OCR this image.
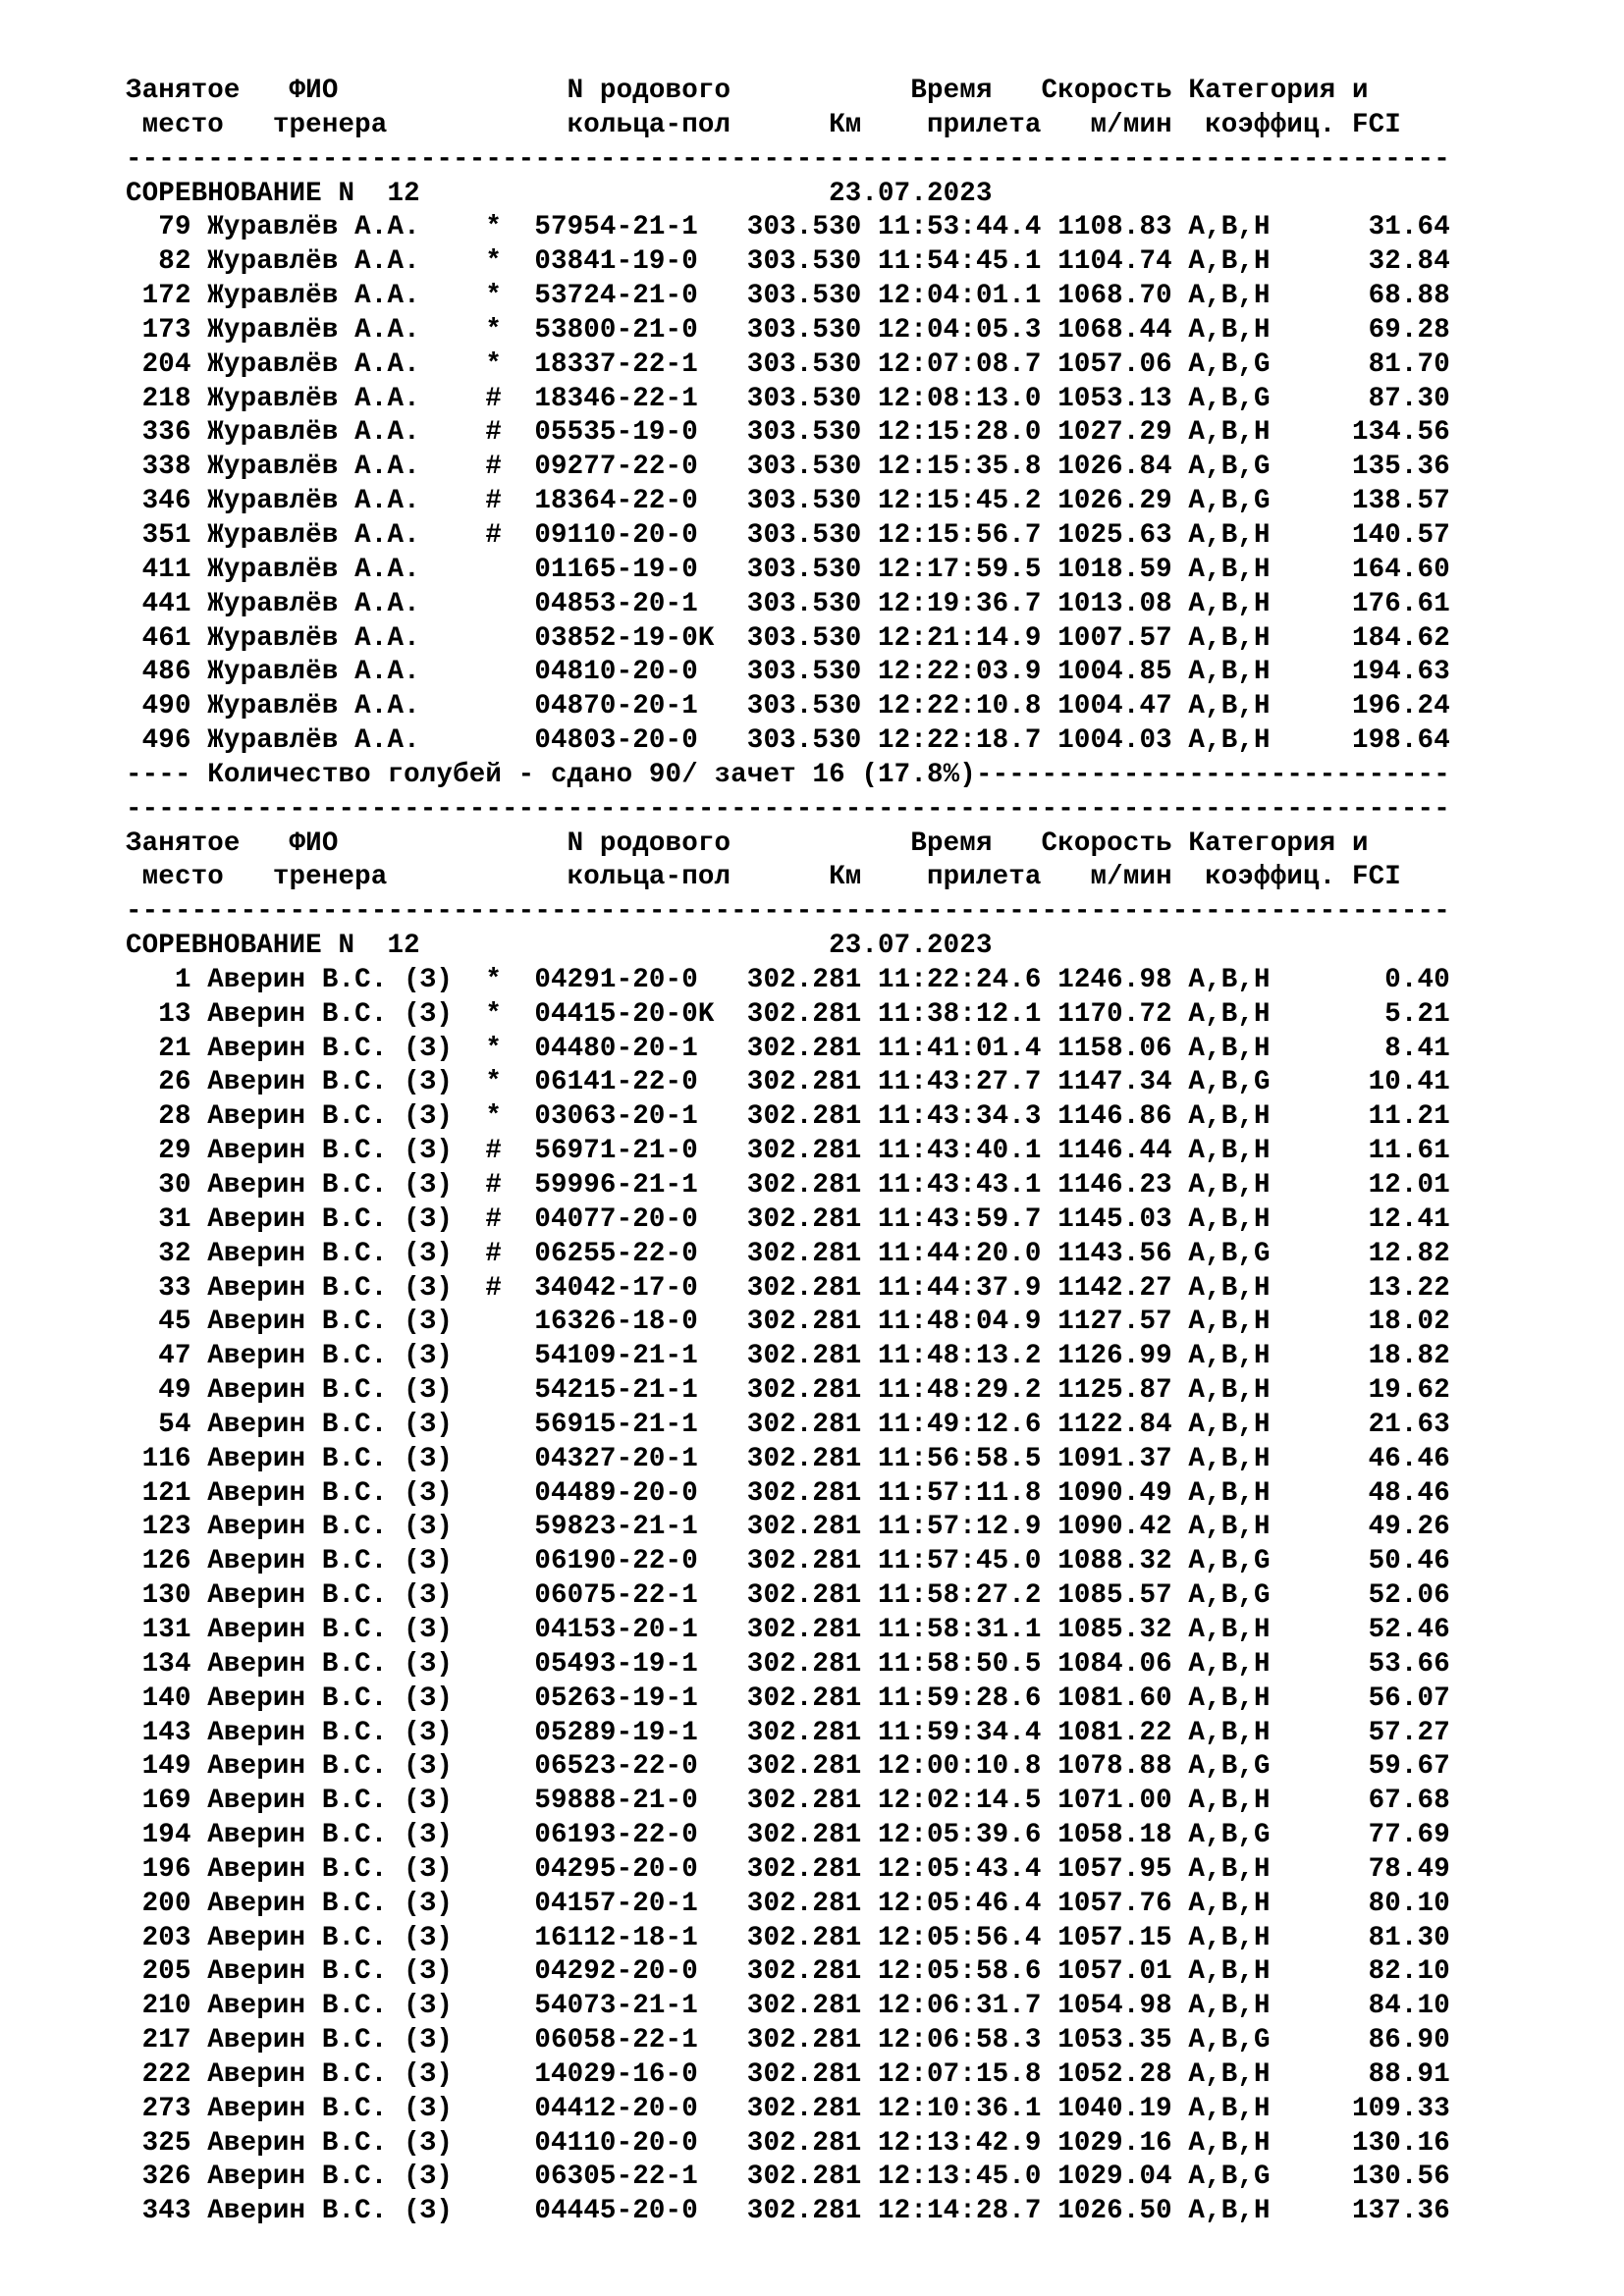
Занятое   ФИО              N родового           Время   Скорость Категория и
место   тренера           кольца-пол      Км    прилета   м/мин  коэффиц. FCI
---------------------------------------------------------------------------------
СОРЕВНОВАНИЕ N  12                         23.07.2023
79 Журавлёв А.А.    *  57954-21-1   303.530 11:53:44.4 1108.83 A,B,H      31.64
82 Журавлёв А.А.    *  03841-19-0   303.530 11:54:45.1 1104.74 A,B,H      32.84
172 Журавлёв А.А.    *  53724-21-0   303.530 12:04:01.1 1068.70 A,B,H      68.88
173 Журавлёв А.А.    *  53800-21-0   303.530 12:04:05.3 1068.44 A,B,H      69.28
204 Журавлёв А.А.    *  18337-22-1   303.530 12:07:08.7 1057.06 A,B,G      81.70
218 Журавлёв А.А.    #  18346-22-1   303.530 12:08:13.0 1053.13 A,B,G      87.30
336 Журавлёв А.А.    #  05535-19-0   303.530 12:15:28.0 1027.29 A,B,H     134.56
338 Журавлёв А.А.    #  09277-22-0   303.530 12:15:35.8 1026.84 A,B,G     135.36
346 Журавлёв А.А.    #  18364-22-0   303.530 12:15:45.2 1026.29 A,B,G     138.57
351 Журавлёв А.А.    #  09110-20-0   303.530 12:15:56.7 1025.63 A,B,H     140.57
411 Журавлёв А.А.       01165-19-0   303.530 12:17:59.5 1018.59 A,B,H     164.60
441 Журавлёв А.А.       04853-20-1   303.530 12:19:36.7 1013.08 A,B,H     176.61
461 Журавлёв А.А.       03852-19-0K  303.530 12:21:14.9 1007.57 A,B,H     184.62
486 Журавлёв А.А.       04810-20-0   303.530 12:22:03.9 1004.85 A,B,H     194.63
490 Журавлёв А.А.       04870-20-1   303.530 12:22:10.8 1004.47 A,B,H     196.24
496 Журавлёв А.А.       04803-20-0   303.530 12:22:18.7 1004.03 A,B,H     198.64
---- Количество голубей - сдано 90/ зачет 16 (17.8%)-----------------------------
---------------------------------------------------------------------------------
Занятое   ФИО              N родового           Время   Скорость Категория и
место   тренера           кольца-пол      Км    прилета   м/мин  коэффиц. FCI
---------------------------------------------------------------------------------
СОРЕВНОВАНИЕ N  12                         23.07.2023
1 Аверин В.С. (З)  *  04291-20-0   302.281 11:22:24.6 1246.98 A,B,H       0.40
13 Аверин В.С. (З)  *  04415-20-0K  302.281 11:38:12.1 1170.72 A,B,H       5.21
21 Аверин В.С. (З)  *  04480-20-1   302.281 11:41:01.4 1158.06 A,B,H       8.41
26 Аверин В.С. (З)  *  06141-22-0   302.281 11:43:27.7 1147.34 A,B,G      10.41
28 Аверин В.С. (З)  *  03063-20-1   302.281 11:43:34.3 1146.86 A,B,H      11.21
29 Аверин В.С. (З)  #  56971-21-0   302.281 11:43:40.1 1146.44 A,B,H      11.61
30 Аверин В.С. (З)  #  59996-21-1   302.281 11:43:43.1 1146.23 A,B,H      12.01
31 Аверин В.С. (З)  #  04077-20-0   302.281 11:43:59.7 1145.03 A,B,H      12.41
32 Аверин В.С. (З)  #  06255-22-0   302.281 11:44:20.0 1143.56 A,B,G      12.82
33 Аверин В.С. (З)  #  34042-17-0   302.281 11:44:37.9 1142.27 A,B,H      13.22
45 Аверин В.С. (З)     16326-18-0   302.281 11:48:04.9 1127.57 A,B,H      18.02
47 Аверин В.С. (З)     54109-21-1   302.281 11:48:13.2 1126.99 A,B,H      18.82
49 Аверин В.С. (З)     54215-21-1   302.281 11:48:29.2 1125.87 A,B,H      19.62
54 Аверин В.С. (З)     56915-21-1   302.281 11:49:12.6 1122.84 A,B,H      21.63
116 Аверин В.С. (З)     04327-20-1   302.281 11:56:58.5 1091.37 A,B,H      46.46
121 Аверин В.С. (З)     04489-20-0   302.281 11:57:11.8 1090.49 A,B,H      48.46
123 Аверин В.С. (З)     59823-21-1   302.281 11:57:12.9 1090.42 A,B,H      49.26
126 Аверин В.С. (З)     06190-22-0   302.281 11:57:45.0 1088.32 A,B,G      50.46
130 Аверин В.С. (З)     06075-22-1   302.281 11:58:27.2 1085.57 A,B,G      52.06
131 Аверин В.С. (З)     04153-20-1   302.281 11:58:31.1 1085.32 A,B,H      52.46
134 Аверин В.С. (З)     05493-19-1   302.281 11:58:50.5 1084.06 A,B,H      53.66
140 Аверин В.С. (З)     05263-19-1   302.281 11:59:28.6 1081.60 A,B,H      56.07
143 Аверин В.С. (З)     05289-19-1   302.281 11:59:34.4 1081.22 A,B,H      57.27
149 Аверин В.С. (З)     06523-22-0   302.281 12:00:10.8 1078.88 A,B,G      59.67
169 Аверин В.С. (З)     59888-21-0   302.281 12:02:14.5 1071.00 A,B,H      67.68
194 Аверин В.С. (З)     06193-22-0   302.281 12:05:39.6 1058.18 A,B,G      77.69
196 Аверин В.С. (З)     04295-20-0   302.281 12:05:43.4 1057.95 A,B,H      78.49
200 Аверин В.С. (З)     04157-20-1   302.281 12:05:46.4 1057.76 A,B,H      80.10
203 Аверин В.С. (З)     16112-18-1   302.281 12:05:56.4 1057.15 A,B,H      81.30
205 Аверин В.С. (З)     04292-20-0   302.281 12:05:58.6 1057.01 A,B,H      82.10
210 Аверин В.С. (З)     54073-21-1   302.281 12:06:31.7 1054.98 A,B,H      84.10
217 Аверин В.С. (З)     06058-22-1   302.281 12:06:58.3 1053.35 A,B,G      86.90
222 Аверин В.С. (З)     14029-16-0   302.281 12:07:15.8 1052.28 A,B,H      88.91
273 Аверин В.С. (З)     04412-20-0   302.281 12:10:36.1 1040.19 A,B,H     109.33
325 Аверин В.С. (З)     04110-20-0   302.281 12:13:42.9 1029.16 A,B,H     130.16
326 Аверин В.С. (З)     06305-22-1   302.281 12:13:45.0 1029.04 A,B,G     130.56
343 Аверин В.С. (З)     04445-20-0   302.281 12:14:28.7 1026.50 A,B,H     137.36
